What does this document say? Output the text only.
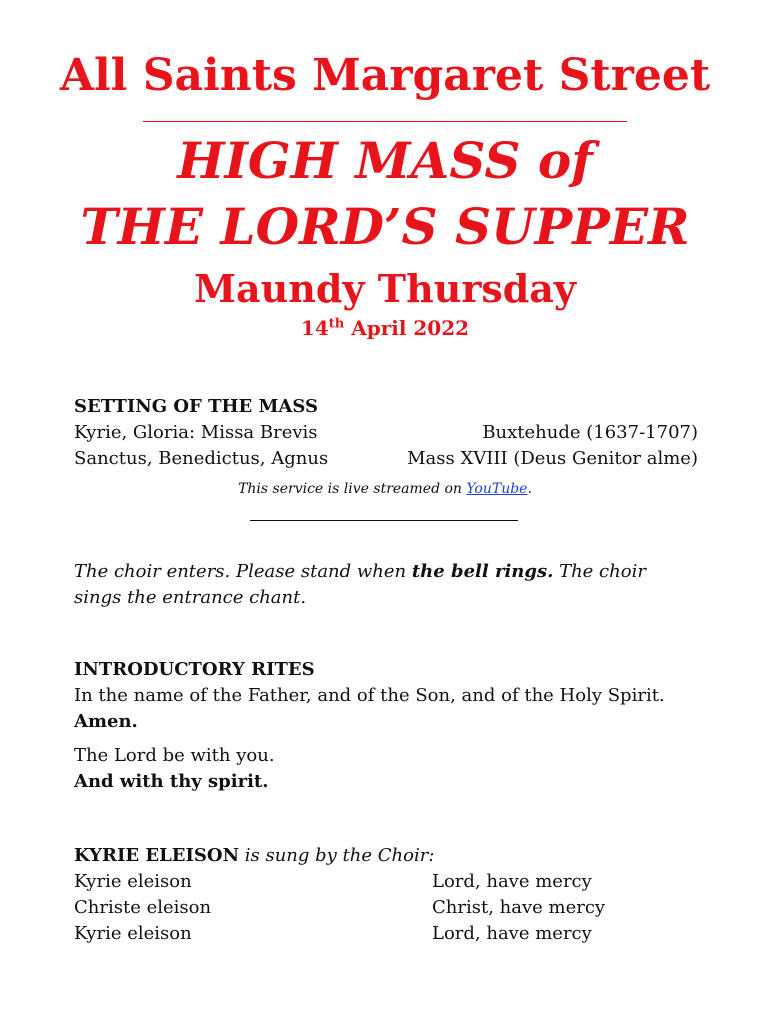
All Saints Margaret Street
HIGH MASS of
THE LORD’S SUPPER
Maundy Thursday
14th April 2022
SETTING OF THE MASS
Kyrie, Gloria: Missa Brevis	Buxtehude (1637-1707)
Sanctus, Benedictus, Agnus	Mass XVIII (Deus Genitor alme)
This service is live streamed on YouTube.
The choir enters. Please stand when the bell rings. The choir sings the entrance chant.
INTRODUCTORY RITES
In the name of the Father, and of the Son, and of the Holy Spirit.
Amen.
The Lord be with you.
And with thy spirit.
KYRIE ELEISON is sung by the Choir:
Kyrie eleison	Lord, have mercy
Christe eleison	Christ, have mercy
Kyrie eleison	Lord, have mercy
